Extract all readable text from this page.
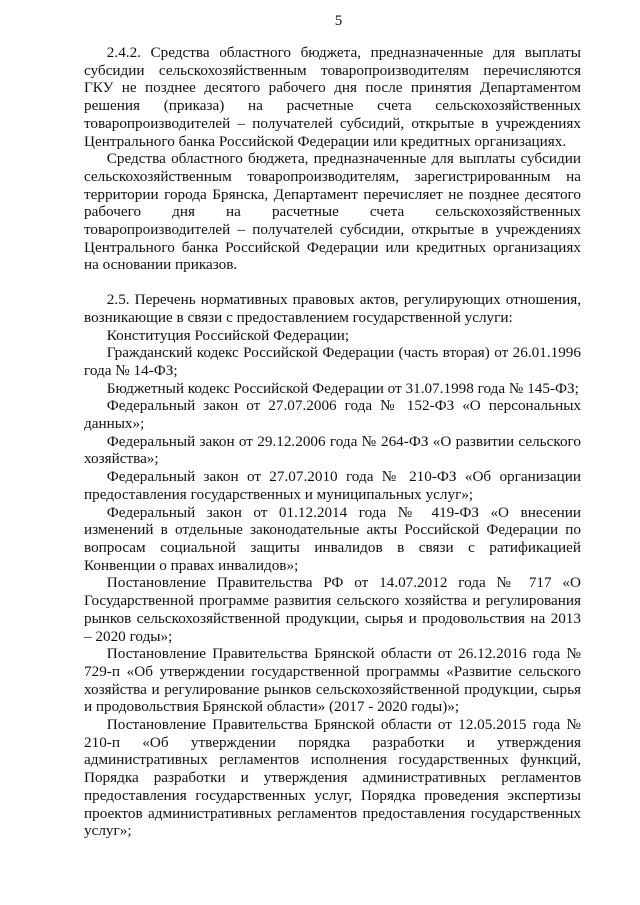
5

2.4.2. Средства областного бюджета, предназначенные для выплаты субсидии сельскохозяйственным товаропроизводителям перечисляются ГКУ не позднее десятого рабочего дня после принятия Департаментом решения (приказа) на расчетные счета сельскохозяйственных товаропроизводителей – получателей субсидий, открытые в учреждениях Центрального банка Российской Федерации или кредитных организациях.

Средства областного бюджета, предназначенные для выплаты субсидии сельскохозяйственным товаропроизводителям, зарегистрированным на территории города Брянска, Департамент перечисляет не позднее десятого рабочего дня на расчетные счета сельскохозяйственных товаропроизводителей – получателей субсидии, открытые в учреждениях Центрального банка Российской Федерации или кредитных организациях на основании приказов.

2.5. Перечень нормативных правовых актов, регулирующих отношения, возникающие в связи с предоставлением государственной услуги:

Конституция Российской Федерации;

Гражданский кодекс Российской Федерации (часть вторая) от 26.01.1996 года № 14-ФЗ;

Бюджетный кодекс Российской Федерации от 31.07.1998 года № 145-ФЗ;

Федеральный закон от 27.07.2006 года № 152-ФЗ «О персональных данных»;

Федеральный закон от 29.12.2006 года № 264-ФЗ «О развитии сельского хозяйства»;

Федеральный закон от 27.07.2010 года № 210-ФЗ «Об организации предоставления государственных и муниципальных услуг»;

Федеральный закон от 01.12.2014 года № 419-ФЗ «О внесении изменений в отдельные законодательные акты Российской Федерации по вопросам социальной защиты инвалидов в связи с ратификацией Конвенции о правах инвалидов»;

Постановление Правительства РФ от 14.07.2012 года № 717 «О Государственной программе развития сельского хозяйства и регулирования рынков сельскохозяйственной продукции, сырья и продовольствия на 2013 – 2020 годы»;

Постановление Правительства Брянской области от 26.12.2016 года № 729-п «Об утверждении государственной программы «Развитие сельского хозяйства и регулирование рынков сельскохозяйственной продукции, сырья и продовольствия Брянской области» (2017 - 2020 годы)»;

Постановление Правительства Брянской области от 12.05.2015 года № 210-п «Об утверждении порядка разработки и утверждения административных регламентов исполнения государственных функций, Порядка разработки и утверждения административных регламентов предоставления государственных услуг, Порядка проведения экспертизы проектов административных регламентов предоставления государственных услуг»;
